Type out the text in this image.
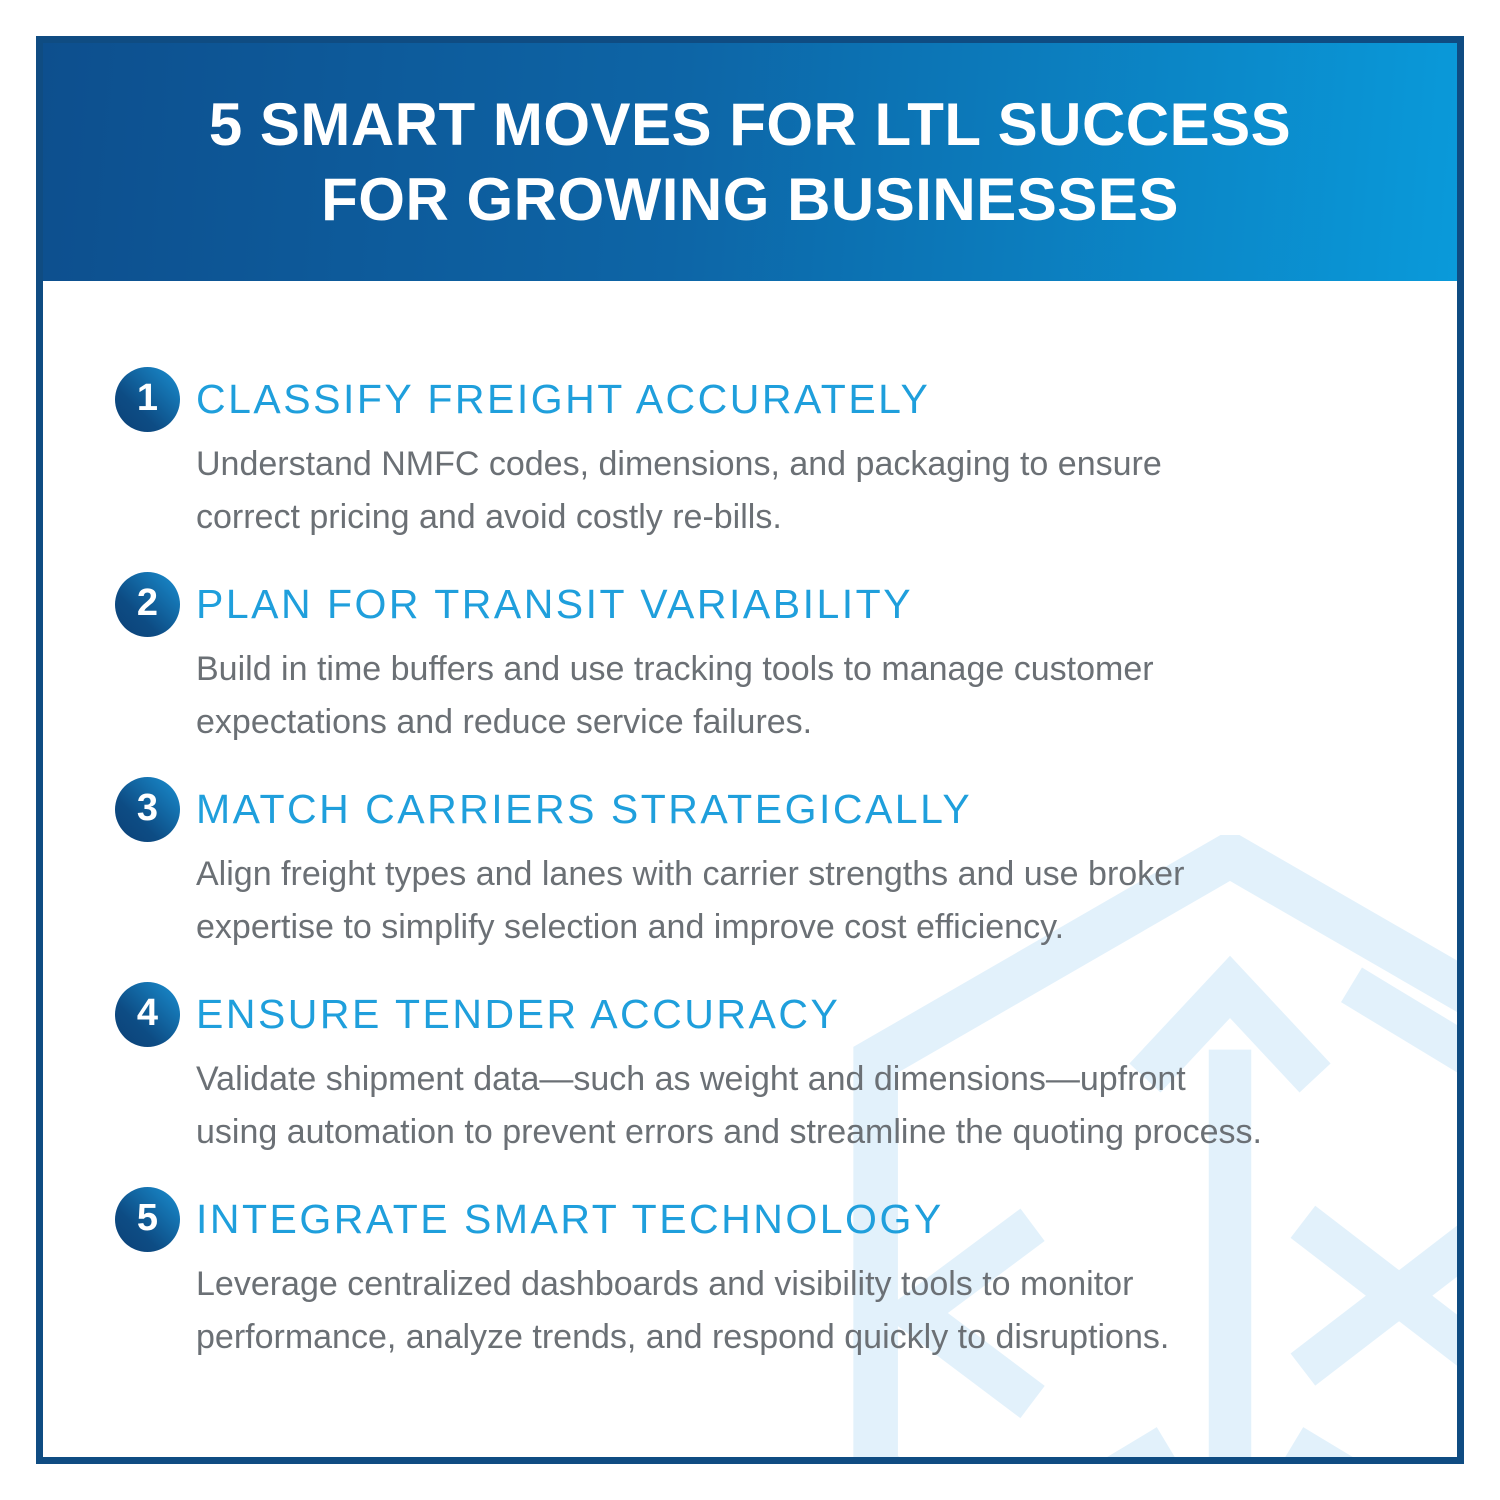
5 SMART MOVES FOR LTL SUCCESS
FOR GROWING BUSINESSES
1 CLASSIFY FREIGHT ACCURATELY
Understand NMFC codes, dimensions, and packaging to ensure
correct pricing and avoid costly re-bills.
2 PLAN FOR TRANSIT VARIABILITY
Build in time buffers and use tracking tools to manage customer
expectations and reduce service failures.
3 MATCH CARRIERS STRATEGICALLY
Align freight types and lanes with carrier strengths and use broker
expertise to simplify selection and improve cost efficiency.
4 ENSURE TENDER ACCURACY
Validate shipment data—such as weight and dimensions—upfront
using automation to prevent errors and streamline the quoting process.
5 INTEGRATE SMART TECHNOLOGY
Leverage centralized dashboards and visibility tools to monitor
performance, analyze trends, and respond quickly to disruptions.
